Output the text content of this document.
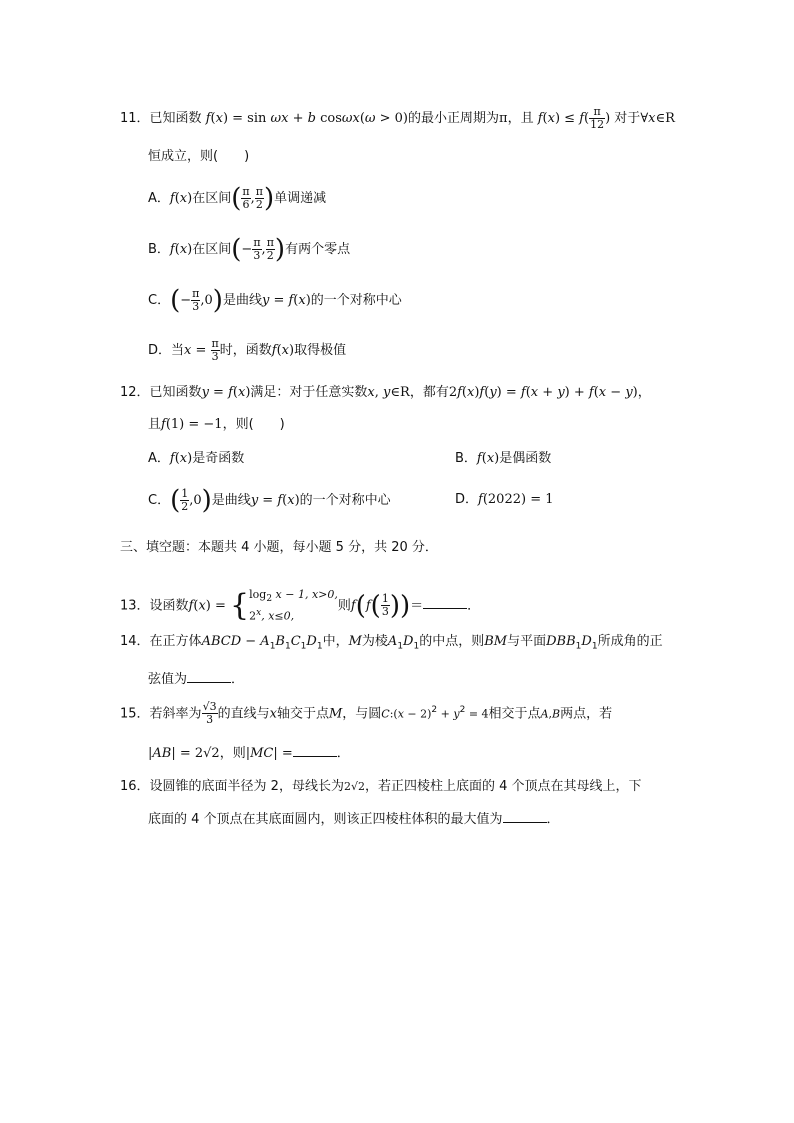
11．已知函数 f(x) = sin ωx + b cosωx(ω > 0)的最小正周期为π，且 $f(x) \le f( \frac{\pi}{12}$ ) 对于∀x∈R
恒成立，则(　　)
A．f(x)在区间( $\frac{\pi}{6}$ , $\frac{\pi}{2}$ )单调递减
B．f(x)在区间(− $\frac{\pi}{3}$ , $\frac{\pi}{2}$ )有两个零点
C．(− $\frac{\pi}{3} ,0$)是曲线y = f(x)的一个对称中心
D．当$x = \frac{\pi}{3}$ 时，函数f(x)取得极值
12．已知函数y = f(x)满足：对于任意实数x, y∈R，都有2f(x)f(y) = f(x + y) + f(x − y)，
且f(1) = −1，则(　　)
A．f(x)是奇函数	B．f(x)是偶函数
C．( $\frac{1}{2} ,0$)是曲线y = f(x)的一个对称中心	D．f(2022) = 1
三、填空题：本题共 4 小题，每小题 5 分，共 20 分．
13．设函数f(x) = { $\log_2 x - 1$, x>0,
2$^x$, x≤0,
则$f(f( \frac{1}{3}$ ))＝	．
14．在正方体ABCD − $A_1B_1C_1D_1$中，M为棱$A_1D_1$的中点，则BM与平面$DBB_1D_1$所成角的正
弦值为	．
15．若斜率为 $\frac{√3}{3}$ 的直线与x轴交于点M，与圆C:(x − $2)^2 + y^2 = 4$相交于点A,B两点，若
|AB| = 2√2，则|MC| =	．
16．设圆锥的底面半径为 2，母线长为2√2，若正四棱柱上底面的 4 个顶点在其母线上，下
底面的 4 个顶点在其底面圆内，则该正四棱柱体积的最大值为	．
